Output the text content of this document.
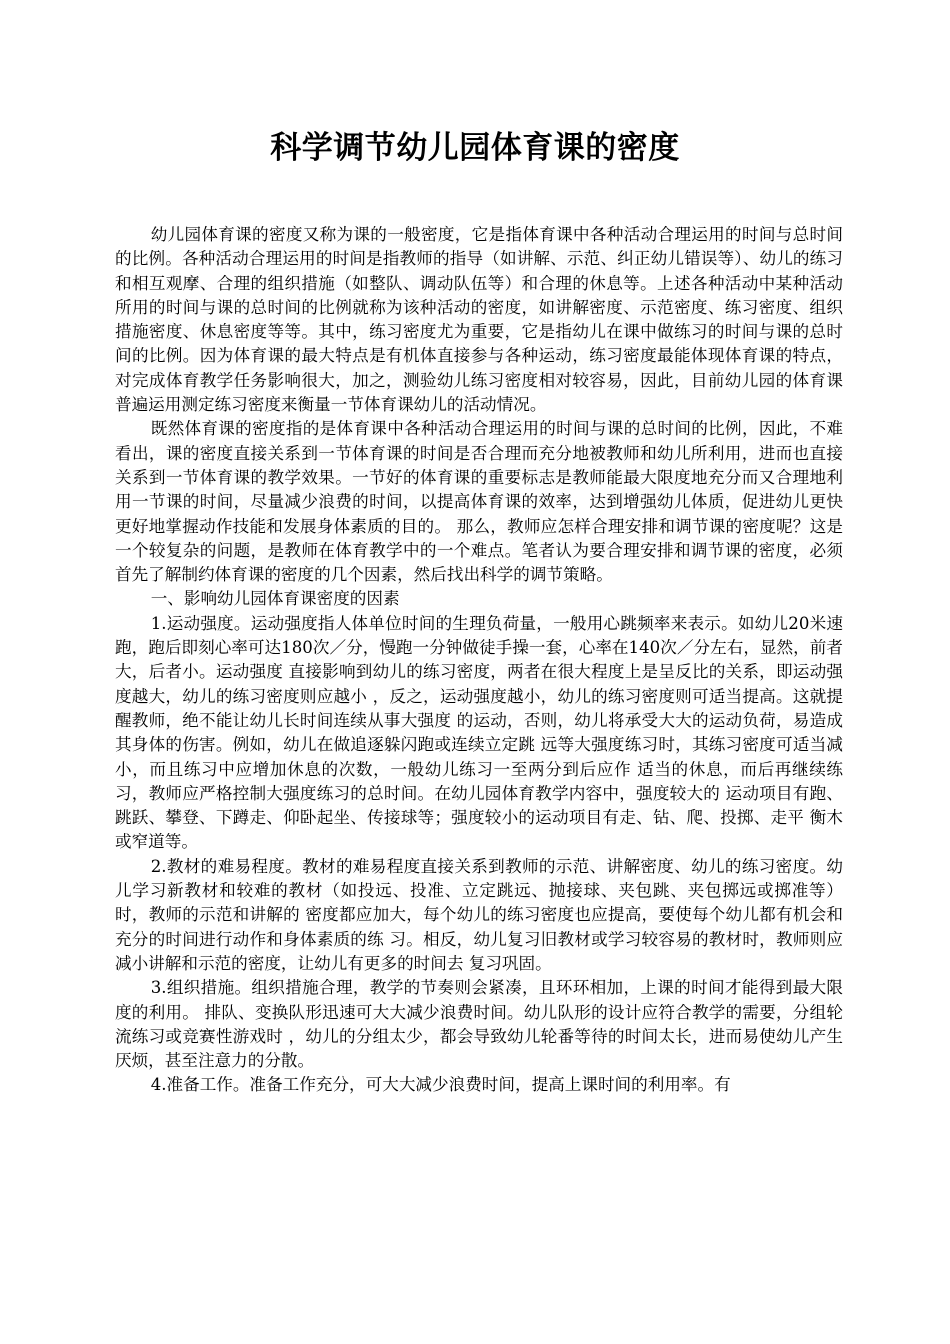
科学调节幼儿园体育课的密度

幼儿园体育课的密度又称为课的一般密度，它是指体育课中各种活动合理运用的时间与总时间的比例。各种活动合理运用的时间是指教师的指导（如讲解、示范、纠正幼儿错误等）、幼儿的练习和相互观摩、合理的组织措施（如整队、调动队伍等）和合理的休息等。上述各种活动中某种活动所用的时间与课的总时间的比例就称为该种活动的密度，如讲解密度、示范密度、练习密度、组织措施密度、休息密度等等。其中，练习密度尤为重要，它是指幼儿在课中做练习的时间与课的总时间的比例。因为体育课的最大特点是有机体直接参与各种运动，练习密度最能体现体育课的特点，对完成体育教学任务影响很大，加之，测验幼儿练习密度相对较容易，因此，目前幼儿园的体育课普遍运用测定练习密度来衡量一节体育课幼儿的活动情况。

既然体育课的密度指的是体育课中各种活动合理运用的时间与课的总时间的比例，因此，不难看出，课的密度直接关系到一节体育课的时间是否合理而充分地被教师和幼儿所利用，进而也直接关系到一节体育课的教学效果。一节好的体育课的重要标志是教师能最大限度地充分而又合理地利用一节课的时间，尽量减少浪费的时间，以提高体育课的效率，达到增强幼儿体质，促进幼儿更快更好地掌握动作技能和发展身体素质的目的。 那么，教师应怎样合理安排和调节课的密度呢？这是一个较复杂的问题，是教师在体育教学中的一个难点。笔者认为要合理安排和调节课的密度，必须首先了解制约体育课的密度的几个因素，然后找出科学的调节策略。

一、影响幼儿园体育课密度的因素

1.运动强度。运动强度指人体单位时间的生理负荷量，一般用心跳频率来表示。如幼儿20米速跑，跑后即刻心率可达180次／分，慢跑一分钟做徒手操一套，心率在140次／分左右，显然，前者大，后者小。运动强度 直接影响到幼儿的练习密度，两者在很大程度上是呈反比的关系，即运动强度越大，幼儿的练习密度则应越小 ，反之，运动强度越小，幼儿的练习密度则可适当提高。这就提醒教师，绝不能让幼儿长时间连续从事大强度 的运动，否则，幼儿将承受大大的运动负荷，易造成其身体的伤害。例如，幼儿在做追逐躲闪跑或连续立定跳 远等大强度练习时，其练习密度可适当减小，而且练习中应增加休息的次数，一般幼儿练习一至两分到后应作 适当的休息，而后再继续练习，教师应严格控制大强度练习的总时间。在幼儿园体育教学内容中，强度较大的 运动项目有跑、跳跃、攀登、下蹲走、仰卧起坐、传接球等；强度较小的运动项目有走、钻、爬、投掷、走平 衡木或窄道等。

2.教材的难易程度。教材的难易程度直接关系到教师的示范、讲解密度、幼儿的练习密度。幼儿学习新教材和较难的教材（如投远、投准、立定跳远、抛接球、夹包跳、夹包掷远或掷准等）时，教师的示范和讲解的 密度都应加大，每个幼儿的练习密度也应提高，要使每个幼儿都有机会和充分的时间进行动作和身体素质的练 习。相反，幼儿复习旧教材或学习较容易的教材时，教师则应减小讲解和示范的密度，让幼儿有更多的时间去 复习巩固。

3.组织措施。组织措施合理，教学的节奏则会紧凑，且环环相加，上课的时间才能得到最大限度的利用。 排队、变换队形迅速可大大减少浪费时间。幼儿队形的设计应符合教学的需要，分组轮流练习或竞赛性游戏时 ，幼儿的分组太少，都会导致幼儿轮番等待的时间太长，进而易使幼儿产生厌烦，甚至注意力的分散。

4.准备工作。准备工作充分，可大大减少浪费时间，提高上课时间的利用率。有
